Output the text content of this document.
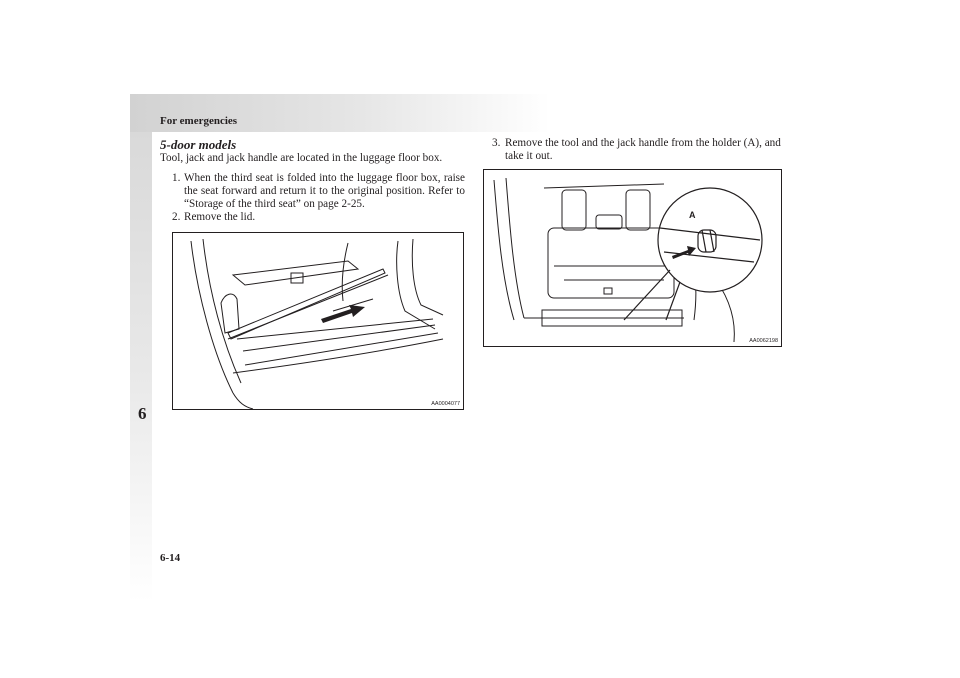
For emergencies
6
5-door models
Tool, jack and jack handle are located in the luggage floor box.
1. When the third seat is folded into the luggage floor box, raise the seat forward and return it to the original position. Refer to “Storage of the third seat” on page 2-25.
2. Remove the lid.
AA0004077
3. Remove the tool and the jack handle from the holder (A), and take it out.
A
AA0062198
6-14
